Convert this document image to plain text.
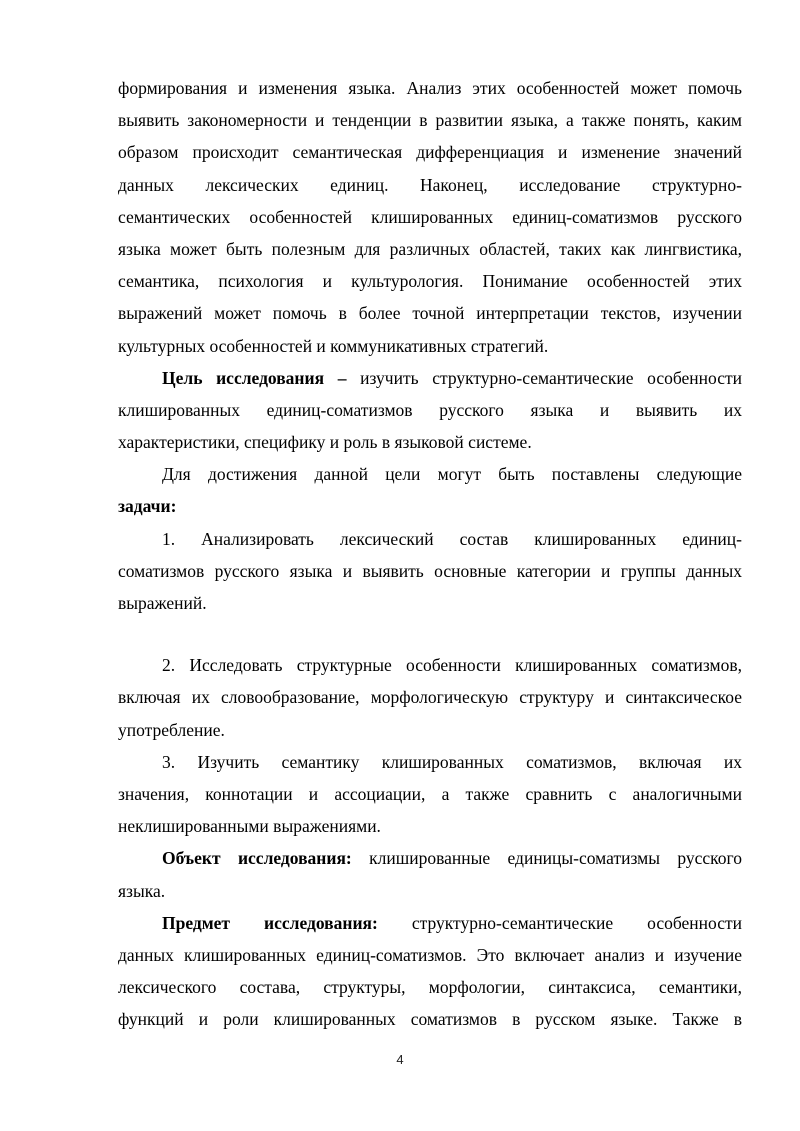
формирования и изменения языка. Анализ этих особенностей может помочь
выявить закономерности и тенденции в развитии языка, а также понять, каким
образом происходит семантическая дифференциация и изменение значений
данных лексических единиц. Наконец, исследование структурно-
семантических особенностей клишированных единиц-соматизмов русского
языка может быть полезным для различных областей, таких как лингвистика,
семантика, психология и культурология. Понимание особенностей этих
выражений может помочь в более точной интерпретации текстов, изучении
культурных особенностей и коммуникативных стратегий.
Цель исследования – изучить структурно-семантические особенности
клишированных единиц-соматизмов русского языка и выявить их
характеристики, специфику и роль в языковой системе.
Для достижения данной цели могут быть поставлены следующие
задачи:
1. Анализировать лексический состав клишированных единиц-
соматизмов русского языка и выявить основные категории и группы данных
выражений.
2. Исследовать структурные особенности клишированных соматизмов,
включая их словообразование, морфологическую структуру и синтаксическое
употребление.
3. Изучить семантику клишированных соматизмов, включая их
значения, коннотации и ассоциации, а также сравнить с аналогичными
неклишированными выражениями.
Объект исследования: клишированные единицы-соматизмы русского
языка.
Предмет исследования: структурно-семантические особенности
данных клишированных единиц-соматизмов. Это включает анализ и изучение
лексического состава, структуры, морфологии, синтаксиса, семантики,
функций и роли клишированных соматизмов в русском языке. Также в
4
